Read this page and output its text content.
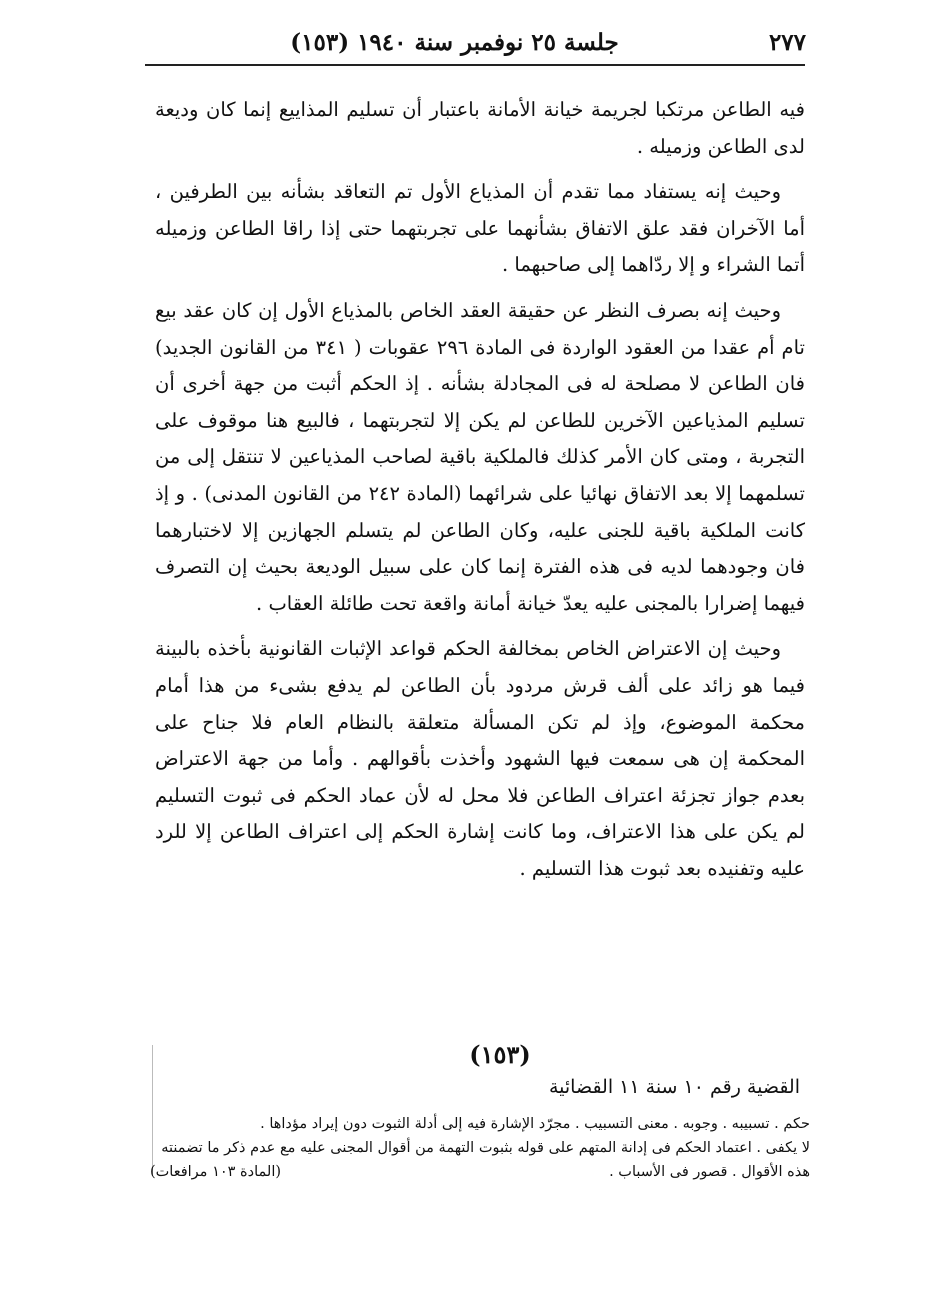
٢٧٧
جلسة ٢٥ نوفمبر سنة ١٩٤٠ (١٥٣)

فيه الطاعن مرتكبا لجريمة خيانة الأمانة باعتبار أن تسليم المذاييع إنما كان وديعة لدى الطاعن وزميله .

وحيث إنه يستفاد مما تقدم أن المذياع الأول تم التعاقد بشأنه بين الطرفين ، أما الآخران فقد علق الاتفاق بشأنهما على تجربتهما حتى إذا راقا الطاعن وزميله أتما الشراء و إلا ردّاهما إلى صاحبهما .

وحيث إنه بصرف النظر عن حقيقة العقد الخاص بالمذياع الأول إن كان عقد بيع تام أم عقدا من العقود الواردة فى المادة ٢٩٦ عقوبات ( ٣٤١ من القانون الجديد) فان الطاعن لا مصلحة له فى المجادلة بشأنه . إذ الحكم أثبت من جهة أخرى أن تسليم المذياعين الآخرين للطاعن لم يكن إلا لتجربتهما ، فالبيع هنا موقوف على التجربة ، ومتى كان الأمر كذلك فالملكية باقية لصاحب المذياعين لا تنتقل إلى من تسلمهما إلا بعد الاتفاق نهائيا على شرائهما (المادة ٢٤٢ من القانون المدنى) . و إذ كانت الملكية باقية للجنى عليه، وكان الطاعن لم يتسلم الجهازين إلا لاختبارهما فان وجودهما لديه فى هذه الفترة إنما كان على سبيل الوديعة بحيث إن التصرف فيهما إضرارا بالمجنى عليه يعدّ خيانة أمانة واقعة تحت طائلة العقاب .

وحيث إن الاعتراض الخاص بمخالفة الحكم قواعد الإثبات القانونية بأخذه بالبينة فيما هو زائد على ألف قرش مردود بأن الطاعن لم يدفع بشىء من هذا أمام محكمة الموضوع، وإذ لم تكن المسألة متعلقة بالنظام العام فلا جناح على المحكمة إن هى سمعت فيها الشهود وأخذت بأقوالهم . وأما من جهة الاعتراض بعدم جواز تجزئة اعتراف الطاعن فلا محل له لأن عماد الحكم فى ثبوت التسليم لم يكن على هذا الاعتراف، وما كانت إشارة الحكم إلى اعتراف الطاعن إلا للرد عليه وتفنيده بعد ثبوت هذا التسليم .

(١٥٣)
القضية رقم ١٠ سنة ١١ القضائية

حكم . تسبيبه . وجوبه . معنى التسبيب . مجرّد الإشارة فيه إلى أدلة الثبوت دون إيراد مؤداها .

لا يكفى . اعتماد الحكم فى إدانة المتهم على قوله بثبوت التهمة من أقوال المجنى عليه مع عدم ذكر ما تضمنته

هذه الأقوال . قصور فى الأسباب .
(المادة ١٠٣ مرافعات)
